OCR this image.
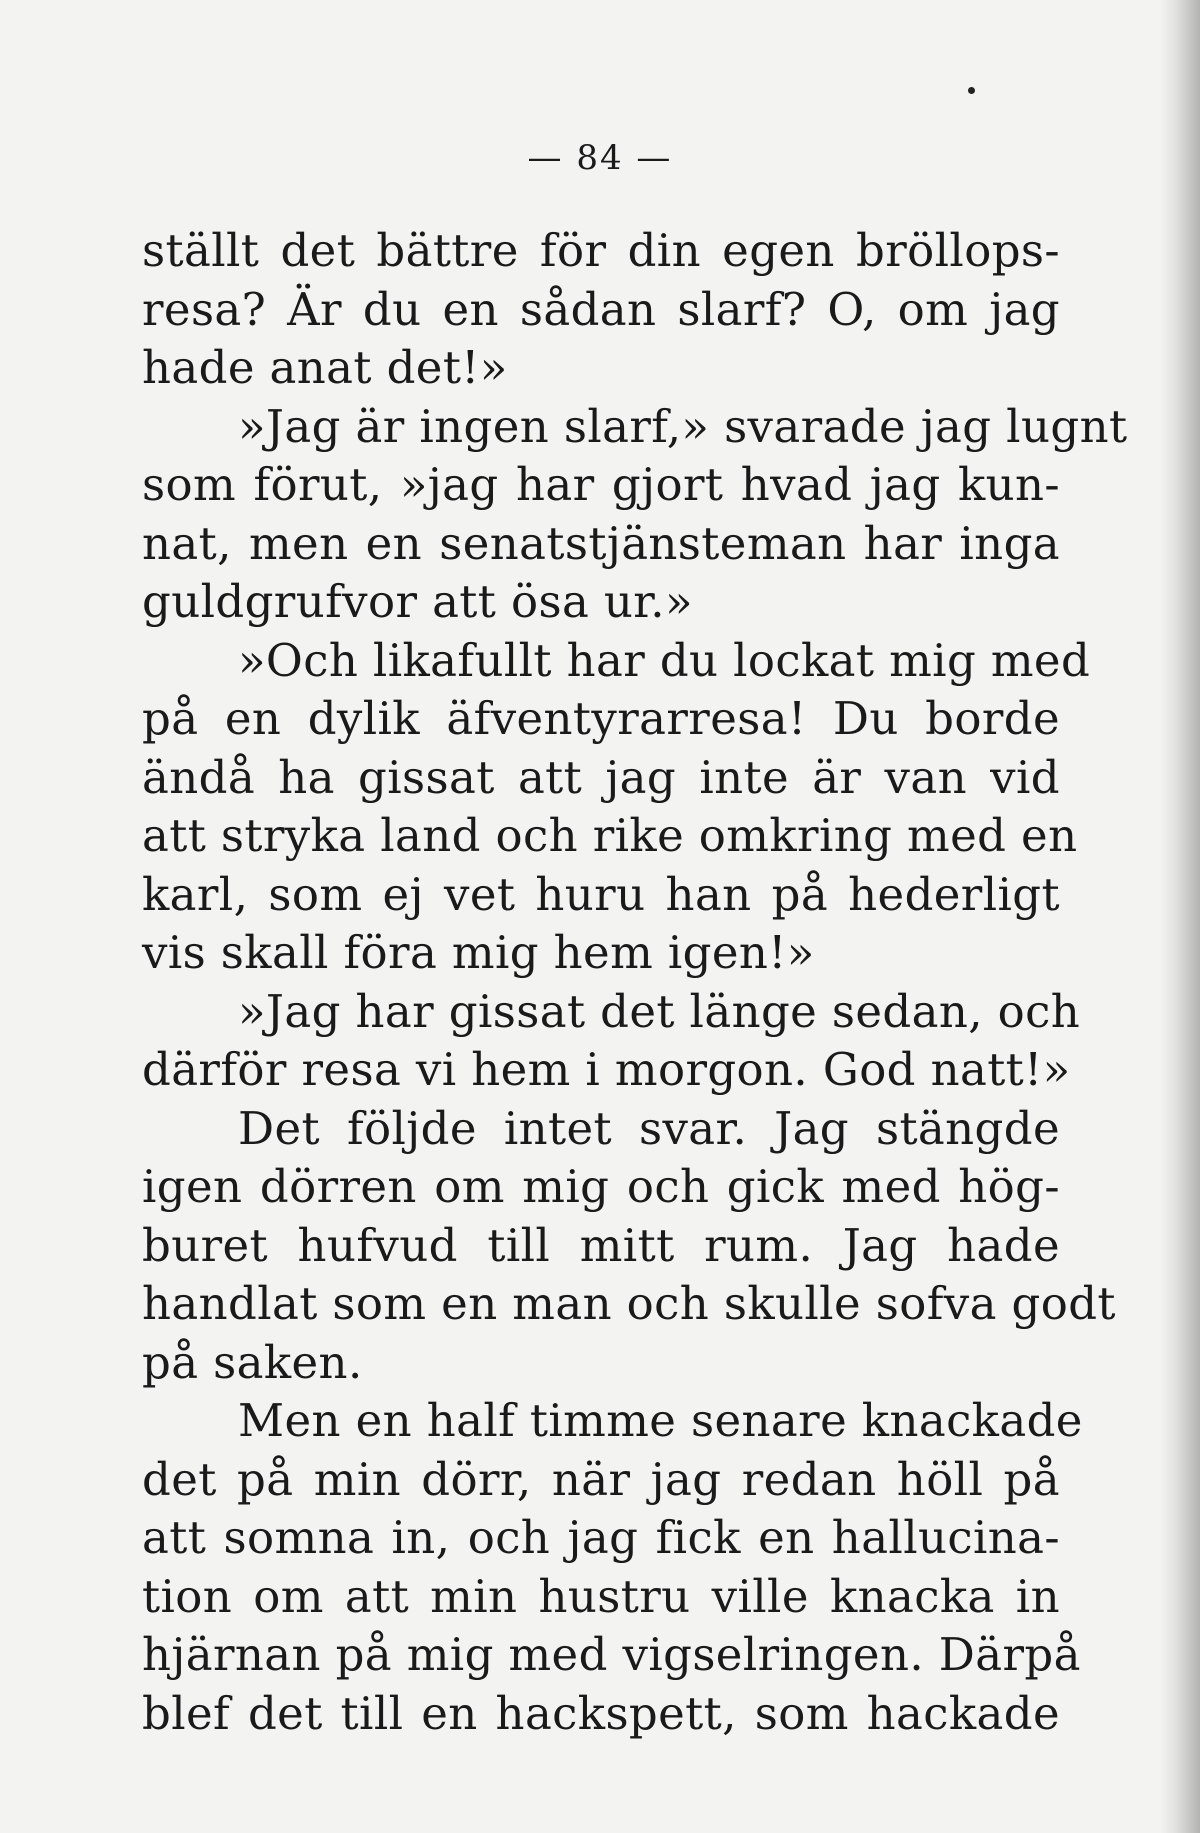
— 84 —
ställt det bättre för din egen bröllops-
resa? Är du en sådan slarf? O, om jag
hade anat det!»
»Jag är ingen slarf,» svarade jag lugnt
som förut, »jag har gjort hvad jag kun-
nat, men en senatstjänsteman har inga
guldgrufvor att ösa ur.»
»Och likafullt har du lockat mig med
på en dylik äfventyrarresa! Du borde
ändå ha gissat att jag inte är van vid
att stryka land och rike omkring med en
karl, som ej vet huru han på hederligt
vis skall föra mig hem igen!»
»Jag har gissat det länge sedan, och
därför resa vi hem i morgon. God natt!»
Det följde intet svar. Jag stängde
igen dörren om mig och gick med hög-
buret hufvud till mitt rum. Jag hade
handlat som en man och skulle sofva godt
på saken.
Men en half timme senare knackade
det på min dörr, när jag redan höll på
att somna in, och jag fick en hallucina-
tion om att min hustru ville knacka in
hjärnan på mig med vigselringen. Därpå
blef det till en hackspett, som hackade
